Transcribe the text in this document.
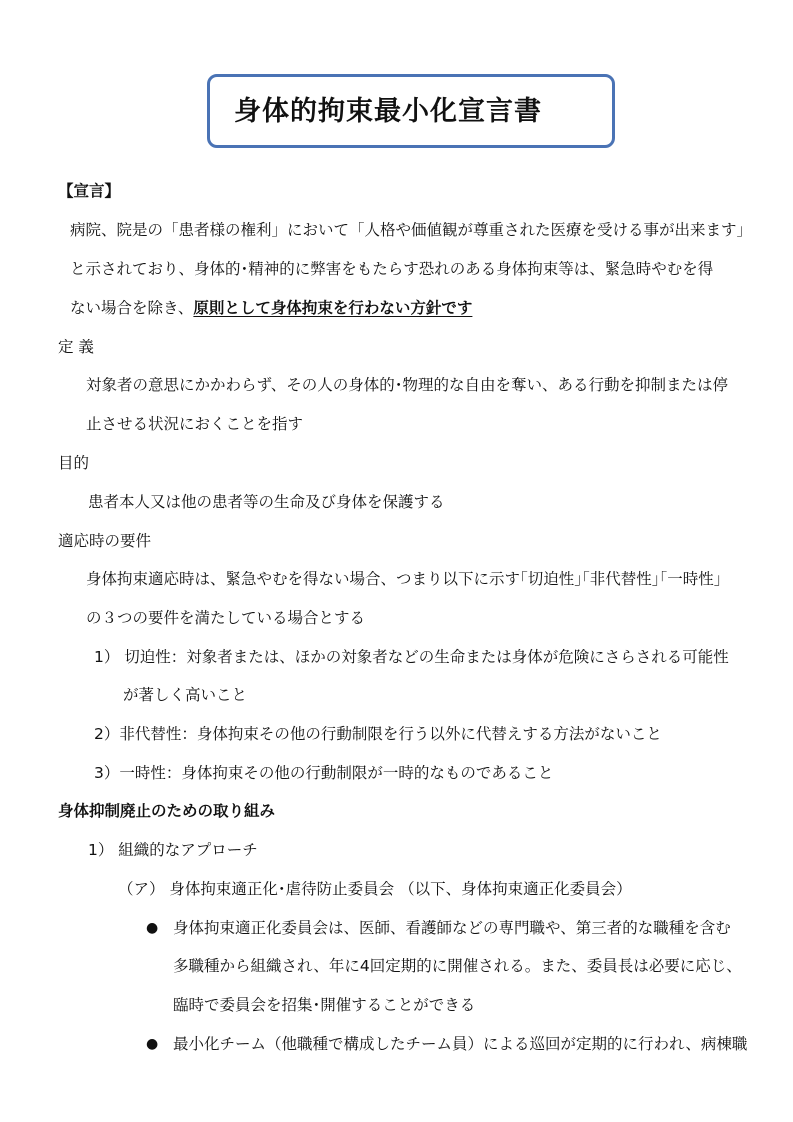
身体的拘束最小化宣言書
【宣言】
病院、院是の「患者様の権利」において「人格や価値観が尊重された医療を受ける事が出来ます」
と示されており、身体的･精神的に弊害をもたらす恐れのある身体拘束等は、緊急時やむを得
ない場合を除き、原則として身体拘束を行わない方針です
定 義
対象者の意思にかかわらず、その人の身体的･物理的な自由を奪い、ある行動を抑制または停
止させる状況におくことを指す
目的
患者本人又は他の患者等の生命及び身体を保護する
適応時の要件
身体拘束適応時は、緊急やむを得ない場合、つまり以下に示す｢切迫性｣｢非代替性｣｢一時性｣
の３つの要件を満たしている場合とする
1） 切迫性：対象者または、ほかの対象者などの生命または身体が危険にさらされる可能性
が著しく高いこと
2）非代替性：身体拘束その他の行動制限を行う以外に代替えする方法がないこと
3）一時性：身体拘束その他の行動制限が一時的なものであること
身体抑制廃止のための取り組み
1） 組織的なアプローチ
（ア） 身体拘束適正化･虐待防止委員会 （以下、身体拘束適正化委員会）
● 身体拘束適正化委員会は、医師、看護師などの専門職や、第三者的な職種を含む
多職種から組織され、年に4回定期的に開催される。また、委員長は必要に応じ、
臨時で委員会を招集･開催することができる
● 最小化チーム（他職種で構成したチーム員）による巡回が定期的に行われ、病棟職
